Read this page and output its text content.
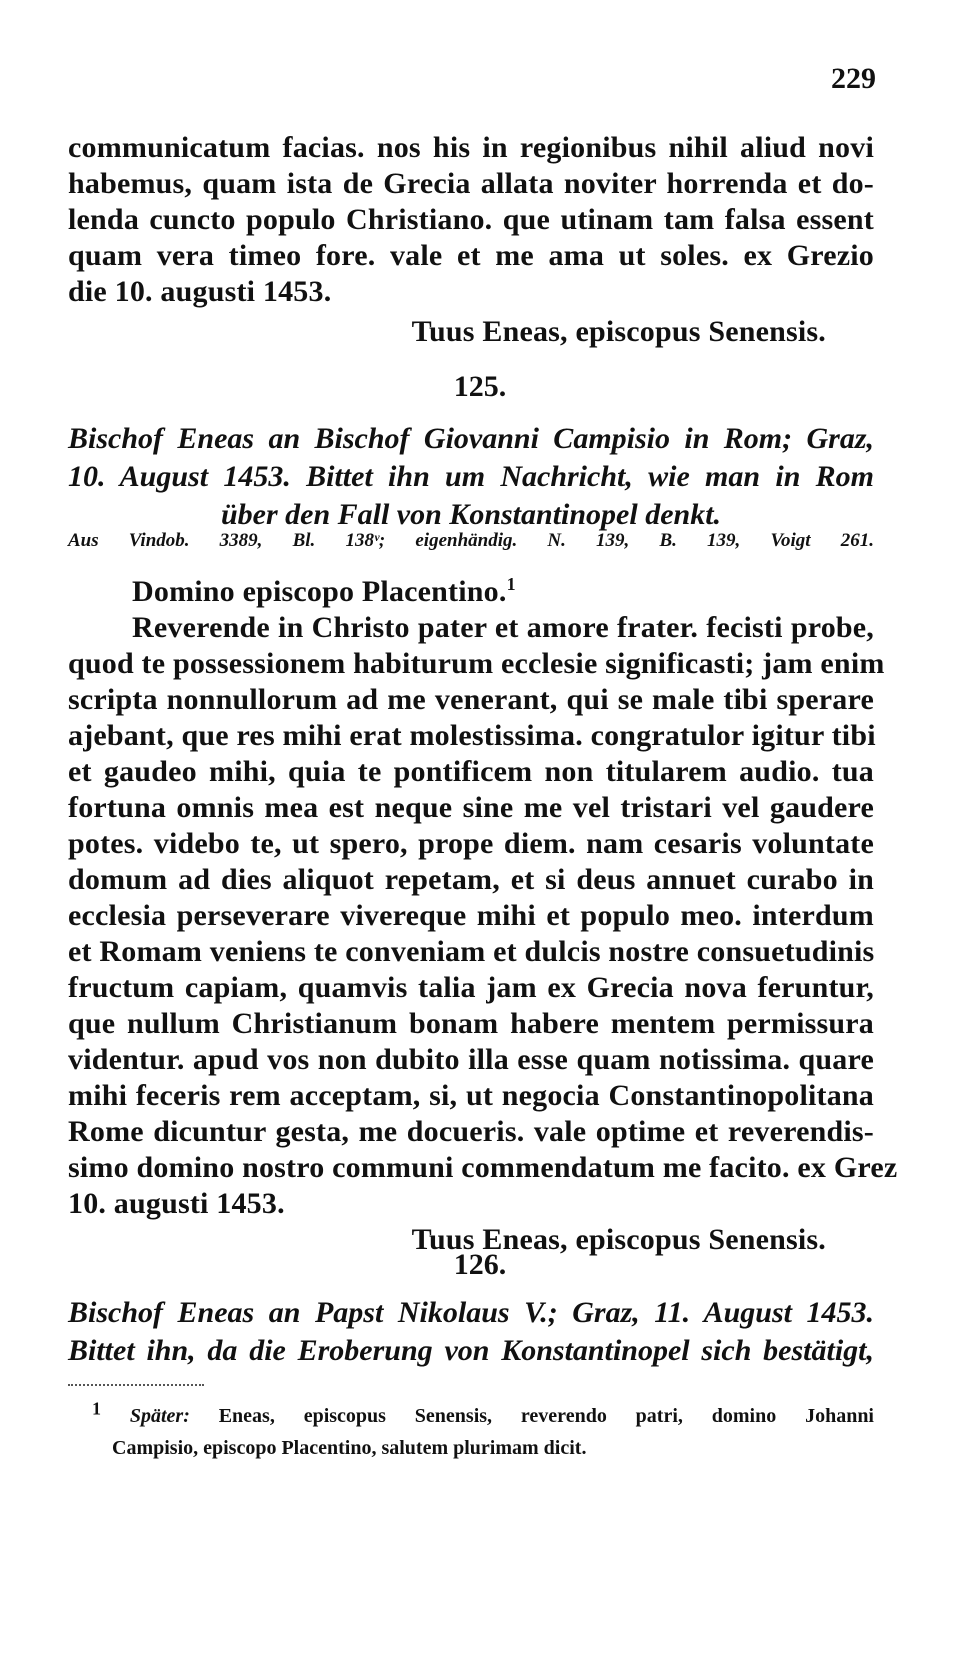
229
communicatum facias. nos his in regionibus nihil aliud novi
habemus, quam ista de Grecia allata noviter horrenda et do-
lenda cuncto populo Christiano. que utinam tam falsa essent
quam vera timeo fore. vale et me ama ut soles. ex Grezio
die 10. augusti 1453.
Tuus Eneas, episcopus Senensis.
125.
Bischof Eneas an Bischof Giovanni Campisio in Rom; Graz,
10. August 1453. Bittet ihn um Nachricht, wie man in Rom
über den Fall von Konstantinopel denkt.
Aus Vindob. 3389, Bl. 138ᵛ; eigenhändig. N. 139, B. 139, Voigt 261.
Domino episcopo Placentino.$^1$
Reverende in Christo pater et amore frater. fecisti probe,
quod te possessionem habiturum ecclesie significasti; jam enim
scripta nonnullorum ad me venerant, qui se male tibi sperare
ajebant, que res mihi erat molestissima. congratulor igitur tibi
et gaudeo mihi, quia te pontificem non titularem audio. tua
fortuna omnis mea est neque sine me vel tristari vel gaudere
potes. videbo te, ut spero, prope diem. nam cesaris voluntate
domum ad dies aliquot repetam, et si deus annuet curabo in
ecclesia perseverare vivereque mihi et populo meo. interdum
et Romam veniens te conveniam et dulcis nostre consuetudinis
fructum capiam, quamvis talia jam ex Grecia nova feruntur,
que nullum Christianum bonam habere mentem permissura
videntur. apud vos non dubito illa esse quam notissima. quare
mihi feceris rem acceptam, si, ut negocia Constantinopolitana
Rome dicuntur gesta, me docueris. vale optime et reverendis-
simo domino nostro communi commendatum me facito. ex Grez
10. augusti 1453.
Tuus Eneas, episcopus Senensis.
126.
Bischof Eneas an Papst Nikolaus V.; Graz, 11. August 1453.
Bittet ihn, da die Eroberung von Konstantinopel sich bestätigt,
1 Später: Eneas, episcopus Senensis, reverendo patri, domino Johanni
Campisio, episcopo Placentino, salutem plurimam dicit.
